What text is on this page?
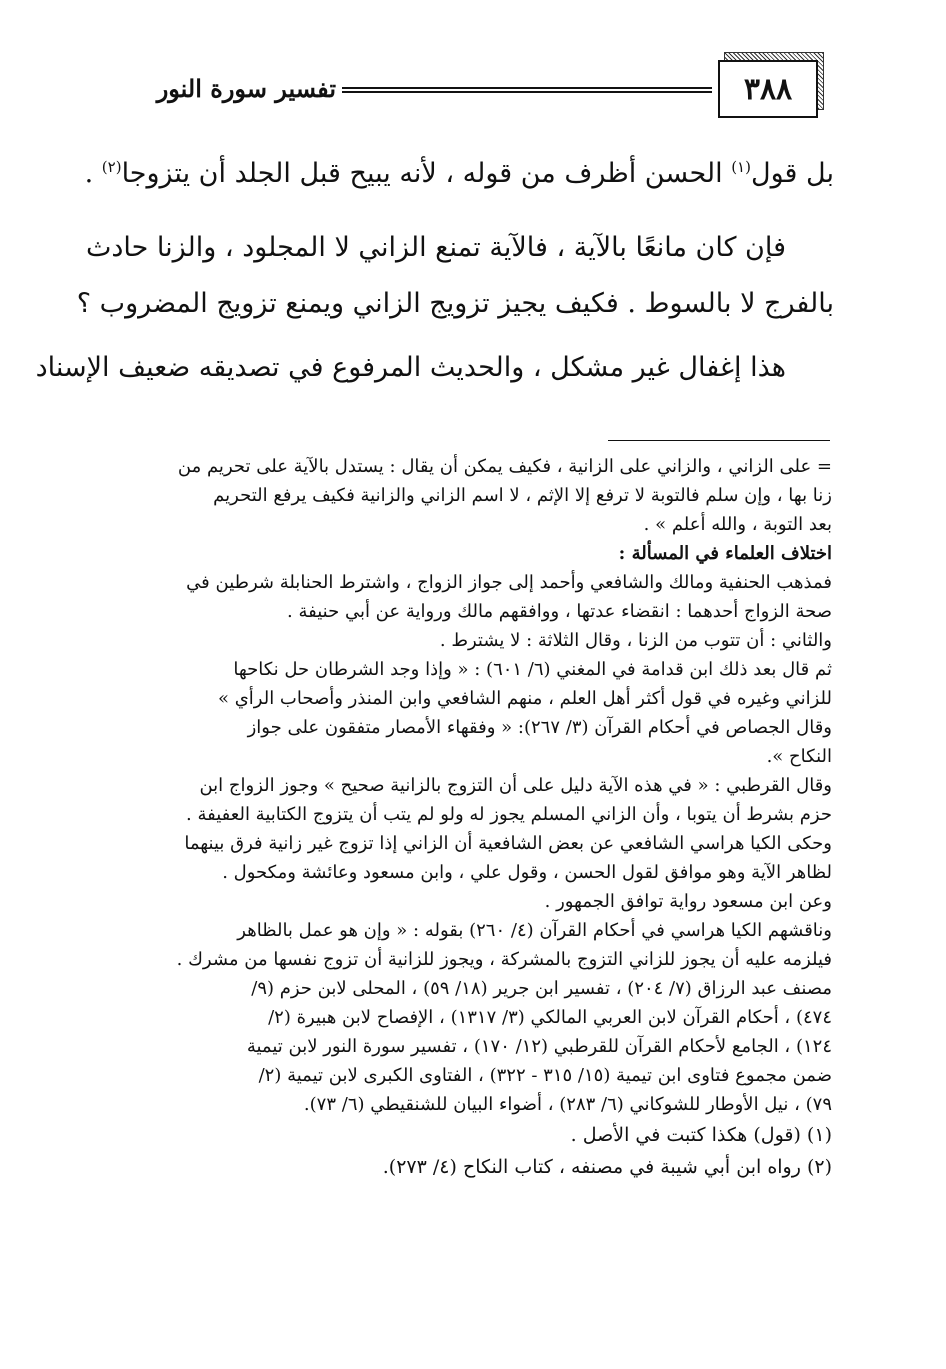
٣٨٨
تفسير سورة النور
بل قول$^{(١)}$ الحسن أظرف من قوله ، لأنه يبيح قبل الجلد أن يتزوجا$^{(٢)}$ .
فإن كان مانعًا بالآية ، فالآية تمنع الزاني لا المجلود ، والزنا حادث
بالفرج لا بالسوط . فكيف يجيز تزويج الزاني ويمنع تزويج المضروب ؟
هذا إغفال غير مشكل ، والحديث المرفوع في تصديقه ضعيف الإسناد
= على الزاني ، والزاني على الزانية ، فكيف يمكن أن يقال : يستدل بالآية على تحريم من
زنا بها ، وإن سلم فالتوبة لا ترفع إلا الإثم ، لا اسم الزاني والزانية فكيف يرفع التحريم
بعد التوبة ، والله أعلم » .
اختلاف العلماء في المسألة :
فمذهب الحنفية ومالك والشافعي وأحمد إلى جواز الزواج ، واشترط الحنابلة شرطين في
صحة الزواج أحدهما : انقضاء عدتها ، ووافقهم مالك ورواية عن أبي حنيفة .
والثاني : أن تتوب من الزنا ، وقال الثلاثة : لا يشترط .
ثم قال بعد ذلك ابن قدامة في المغني (٦/ ٦٠١) : « وإذا وجد الشرطان حل نكاحها
للزاني وغيره في قول أكثر أهل العلم ، منهم الشافعي وابن المنذر وأصحاب الرأي »
وقال الجصاص في أحكام القرآن (٣/ ٢٦٧): « وفقهاء الأمصار متفقون على جواز
النكاح ».
وقال القرطبي : « في هذه الآية دليل على أن التزوج بالزانية صحيح » وجوز الزواج ابن
حزم بشرط أن يتوبا ، وأن الزاني المسلم يجوز له ولو لم يتب أن يتزوج الكتابية العفيفة .
وحكى الكيا هراسي الشافعي عن بعض الشافعية أن الزاني إذا تزوج غير زانية فرق بينهما
لظاهر الآية وهو موافق لقول الحسن ، وقول علي ، وابن مسعود وعائشة ومكحول .
وعن ابن مسعود رواية توافق الجمهور .
وناقشهم الكيا هراسي في أحكام القرآن (٤/ ٢٦٠) بقوله : « وإن هو عمل بالظاهر
فيلزمه عليه أن يجوز للزاني التزوج بالمشركة ، ويجوز للزانية أن تزوج نفسها من مشرك .
مصنف عبد الرزاق (٧/ ٢٠٤) ، تفسير ابن جرير (١٨/ ٥٩) ، المحلى لابن حزم (٩/
٤٧٤) ، أحكام القرآن لابن العربي المالكي (٣/ ١٣١٧) ، الإفصاح لابن هبيرة (٢/
١٢٤) ، الجامع لأحكام القرآن للقرطبي (١٢/ ١٧٠) ، تفسير سورة النور لابن تيمية
ضمن مجموع فتاوى ابن تيمية (١٥/ ٣١٥ - ٣٢٢) ، الفتاوى الكبرى لابن تيمية (٢/
٧٩) ، نيل الأوطار للشوكاني (٦/ ٢٨٣) ، أضواء البيان للشنقيطي (٦/ ٧٣).
(١) (قول) هكذا كتبت في الأصل .
(٢) رواه ابن أبي شيبة في مصنفه ، كتاب النكاح (٤/ ٢٧٣).
